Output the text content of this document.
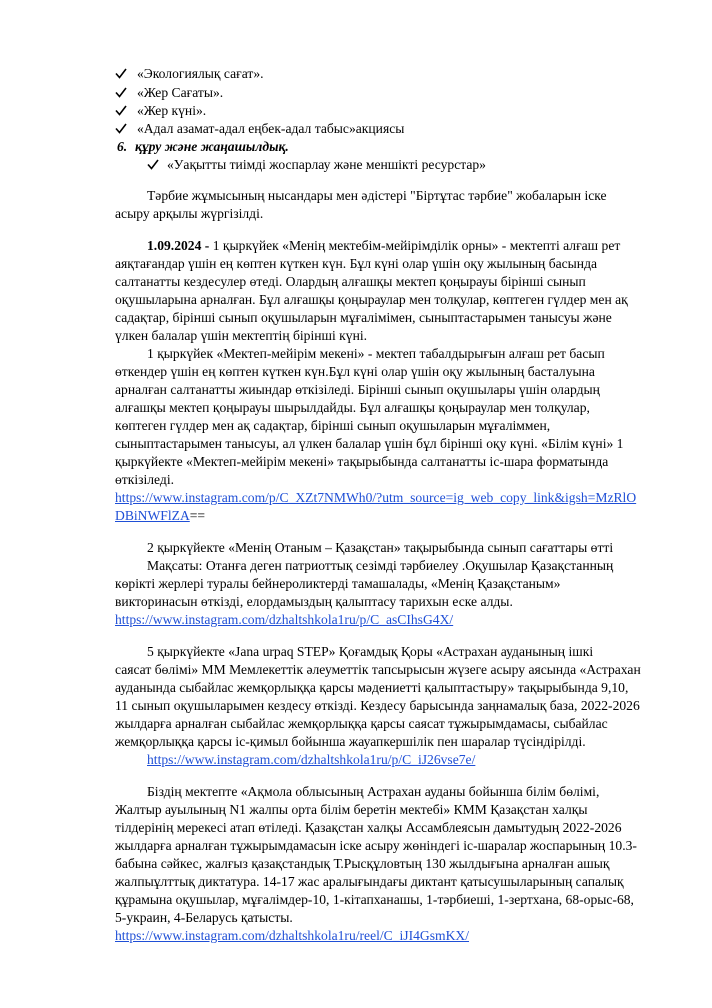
«Экологиялық сағат».
«Жер Сағаты».
«Жер күні».
«Адал азамат-адал еңбек-адал табыс»акциясы
6. құру және жаңашылдық.
«Уақытты тиімді жоспарлау және меншікті ресурстар»
Тәрбие жұмысының нысандары мен әдістері "Біртұтас тәрбие" жобаларын іске
асыру арқылы жүргізілді.
1.09.2024 - 1 қыркүйек «Менің мектебім-мейірімділік орны» - мектепті алғаш рет
аяқтағандар үшін ең көптен күткен күн. Бұл күні олар үшін оқу жылының басында
салтанатты кездесулер өтеді. Олардың алғашқы мектеп қоңырауы бірінші сынып
оқушыларына арналған. Бұл алғашқы қоңыраулар мен толқулар, көптеген гүлдер мен ақ
садақтар, бірінші сынып оқушыларын мұғалімімен, сыныптастарымен танысуы және
үлкен балалар үшін мектептің бірінші күні.
1 қыркүйек «Мектеп-мейірім мекені» - мектеп табалдырығын алғаш рет басып
өткендер үшін ең көптен күткен күн.Бұл күні олар үшін оқу жылының басталуына
арналған салтанатты жиындар өткізіледі. Бірінші сынып оқушылары үшін олардың
алғашқы мектеп қоңырауы шырылдайды. Бұл алғашқы қоңыраулар мен толқулар,
көптеген гүлдер мен ақ садақтар, бірінші сынып оқушыларын мұғаліммен,
сыныптастарымен танысуы, ал үлкен балалар үшін бұл бірінші оқу күні. «Білім күні» 1
қыркүйекте «Мектеп-мейірім мекені» тақырыбында салтанатты іс-шара форматында
өткізіледі.
https://www.instagram.com/p/C_XZt7NMWh0/?utm_source=ig_web_copy_link&igsh=MzRlO
DBiNWFlZA==
2 қыркүйекте «Менің Отаным – Қазақстан» тақырыбында сынып сағаттары өтті
Мақсаты: Отанға деген патриоттық сезімді тәрбиелеу .Оқушылар Қазақстанның
көрікті жерлері туралы бейнероликтерді тамашалады, «Менің Қазақстаным»
викторинасын өткізді, елордамыздың қалыптасу тарихын еске алды.
https://www.instagram.com/dzhaltshkola1ru/p/C_asCIhsG4X/
5 қыркүйекте «Jana urpaq STEP» Қоғамдық Қоры «Астрахан ауданының ішкі
саясат бөлімі» ММ Мемлекеттік әлеуметтік тапсырысын жүзеге асыру аясында «Астрахан
ауданында сыбайлас жемқорлыққа қарсы мәдениетті қалыптастыру» тақырыбында 9,10,
11 сынып оқушыларымен кездесу өткізді. Кездесу барысында заңнамалық база, 2022-2026
жылдарға арналған сыбайлас жемқорлыққа қарсы саясат тұжырымдамасы, сыбайлас
жемқорлыққа қарсы іс-қимыл бойынша жауапкершілік пен шаралар түсіндірілді.
https://www.instagram.com/dzhaltshkola1ru/p/C_iJ26vse7e/
Біздің мектепте «Ақмола облысының Астрахан ауданы бойынша білім бөлімі,
Жалтыр ауылының N1 жалпы орта білім беретін мектебі» КММ Қазақстан халқы
тілдерінің мерекесі атап өтіледі. Қазақстан халқы Ассамблеясын дамытудың 2022-2026
жылдарға арналған тұжырымдамасын іске асыру жөніндегі іс-шаралар жоспарының 10.3-
бабына сәйкес, жалғыз қазақстандық Т.Рысқұловтың 130 жылдығына арналған ашық
жалпыұлттық диктатура. 14-17 жас аралығындағы диктант қатысушыларының сапалық
құрамына оқушылар, мұғалімдер-10, 1-кітапханашы, 1-тәрбиеші, 1-зертхана, 68-орыс-68,
5-украин, 4-Беларусь қатысты.
https://www.instagram.com/dzhaltshkola1ru/reel/C_iJI4GsmKX/
